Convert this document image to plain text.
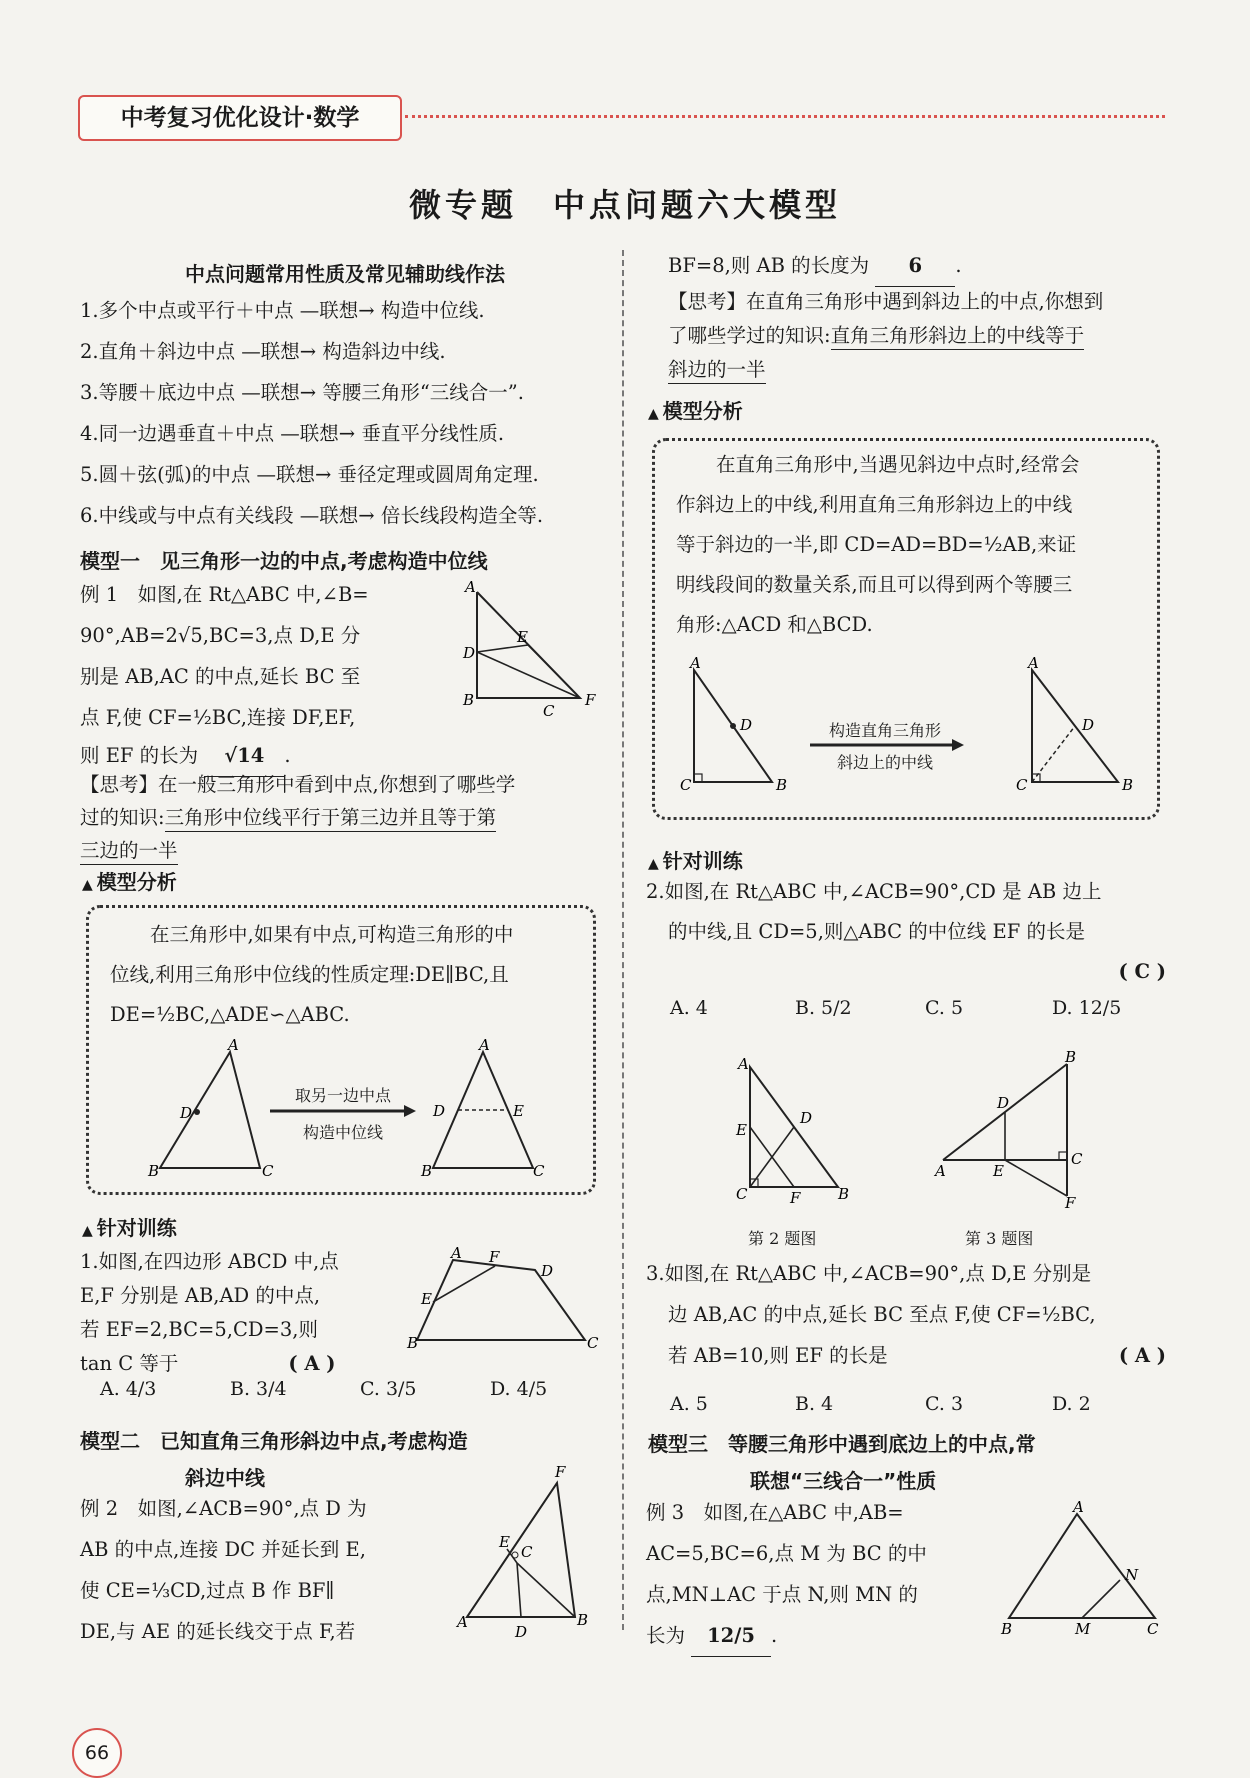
中考复习优化设计·数学
微专题　中点问题六大模型
中点问题常用性质及常见辅助线作法
1.多个中点或平行＋中点 —联想→ 构造中位线.
2.直角＋斜边中点 —联想→ 构造斜边中线.
3.等腰＋底边中点 —联想→ 等腰三角形“三线合一”.
4.同一边遇垂直＋中点 —联想→ 垂直平分线性质.
5.圆＋弦(弧)的中点 —联想→ 垂径定理或圆周角定理.
6.中线或与中点有关线段 —联想→ 倍长线段构造全等.
模型一　见三角形一边的中点,考虑构造中位线
例 1　如图,在 Rt△ABC 中,∠B=
90°,AB=2√5,BC=3,点 D,E 分
别是 AB,AC 的中点,延长 BC 至
点 F,使 CF=½BC,连接 DF,EF,
A
D
E
B
C
F
则 EF 的长为 √14 .
【思考】在一般三角形中看到中点,你想到了哪些学
过的知识:三角形中位线平行于第三边并且等于第
三边的一半
▲ 模型分析
在三角形中,如果有中点,可构造三角形的中
位线,利用三角形中位线的性质定理:DE∥BC,且
DE=½BC,△ADE∽△ABC.
A
D
B	C
取另一边中点
构造中位线
A
D	E
B	C
▲ 针对训练
1.如图,在四边形 ABCD 中,点
E,F 分别是 AB,AD 的中点,
若 EF=2,BC=5,CD=3,则
tan C 等于	( A )
A F
D
E
B	C
A. 4/3	B. 3/4	C. 3/5	D. 4/5
模型二　已知直角三角形斜边中点,考虑构造
斜边中线
例 2　如图,∠ACB=90°,点 D 为
AB 的中点,连接 DC 并延长到 E,
使 CE=⅓CD,过点 B 作 BF∥
DE,与 AE 的延长线交于点 F,若
F
E
C
A
D
B
BF=8,则 AB 的长度为 6 .
【思考】在直角三角形中遇到斜边上的中点,你想到
了哪些学过的知识:直角三角形斜边上的中线等于
斜边的一半
▲ 模型分析
在直角三角形中,当遇见斜边中点时,经常会
作斜边上的中线,利用直角三角形斜边上的中线
等于斜边的一半,即 CD=AD=BD=½AB,来证
明线段间的数量关系,而且可以得到两个等腰三
角形:△ACD 和△BCD.
A
D
C	B
构造直角三角形
斜边上的中线
A
D
C	B
▲ 针对训练
2.如图,在 Rt△ABC 中,∠ACB=90°,CD 是 AB 边上
的中线,且 CD=5,则△ABC 的中位线 EF 的长是
( C )
A. 4	B. 5/2	C. 5	D. 12/5
A
D
E
C	F	B
第 2 题图
B
D
A	E
C
F
第 3 题图
3.如图,在 Rt△ABC 中,∠ACB=90°,点 D,E 分别是
边 AB,AC 的中点,延长 BC 至点 F,使 CF=½BC,
若 AB=10,则 EF 的长是	( A )
A. 5	B. 4	C. 3	D. 2
模型三　等腰三角形中遇到底边上的中点,常
联想“三线合一”性质
例 3　如图,在△ABC 中,AB=
AC=5,BC=6,点 M 为 BC 的中
点,MN⊥AC 于点 N,则 MN 的
长为 12/5 .
A
N
B	M	C
66
